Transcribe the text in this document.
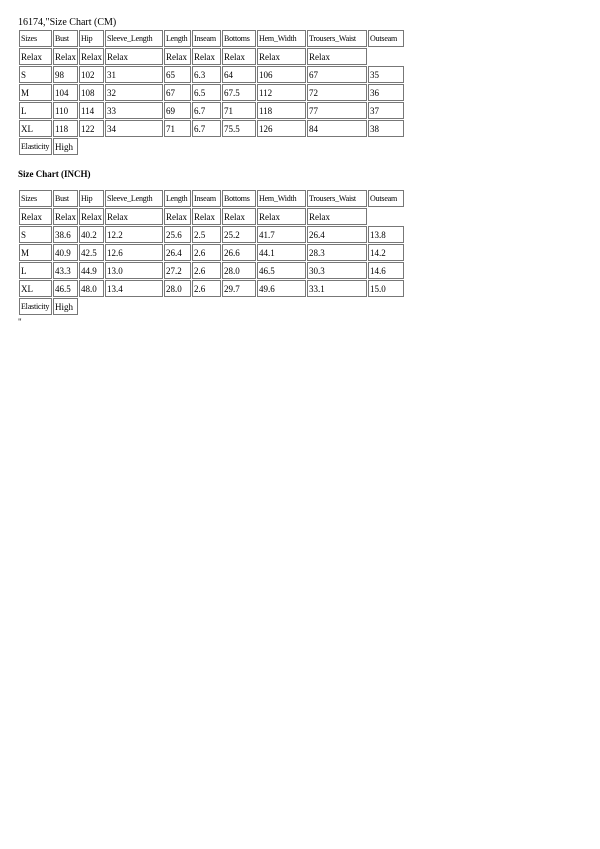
16174,"Size Chart (CM)
Sizes	Bust	Hip	Sleeve_Length	Length	Inseam	Bottoms	Hem_Width	Trousers_Waist	Outseam
Relax	Relax	Relax	Relax	Relax	Relax	Relax	Relax	Relax	
S	98	102	31	65	6.3	64	106	67	35
M	104	108	32	67	6.5	67.5	112	72	36
L	110	114	33	69	6.7	71	118	77	37
XL	118	122	34	71	6.7	75.5	126	84	38
Elasticity	High								
Size Chart (INCH)
Sizes	Bust	Hip	Sleeve_Length	Length	Inseam	Bottoms	Hem_Width	Trousers_Waist	Outseam
Relax	Relax	Relax	Relax	Relax	Relax	Relax	Relax	Relax	
S	38.6	40.2	12.2	25.6	2.5	25.2	41.7	26.4	13.8
M	40.9	42.5	12.6	26.4	2.6	26.6	44.1	28.3	14.2
L	43.3	44.9	13.0	27.2	2.6	28.0	46.5	30.3	14.6
XL	46.5	48.0	13.4	28.0	2.6	29.7	49.6	33.1	15.0
Elasticity	High								
"
